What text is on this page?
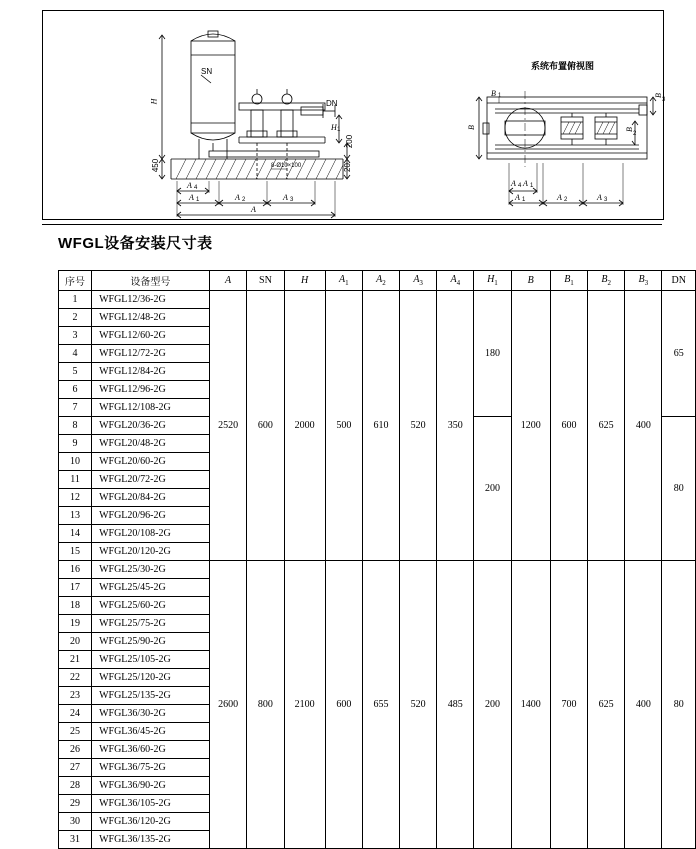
系统布置俯视图
H
SN
DN
H 1
200
450	20
A 4
A 1	A 2	A 3
A
8-Ø10×100
B
B 1	B
3
B
2
A 4 A 1
A 1	A 2	A 3
WFGL设备安装尺寸表
序号	设备型号	A	SN	H	$A_1$	$A_2$	$A_3$	$A_4$	$H_1$	B	$B_1$	$B_2$	$B_3$	DN
1	WFGL12/36-2G	2520	600	2000	500	610	520	350	180	1200	600	625	400	65
2	WFGL12/48-2G													
3	WFGL12/60-2G													
4	WFGL12/72-2G													
5	WFGL12/84-2G													
6	WFGL12/96-2G													
7	WFGL12/108-2G													
8	WFGL20/36-2G								200					80
9	WFGL20/48-2G													
10	WFGL20/60-2G													
11	WFGL20/72-2G													
12	WFGL20/84-2G													
13	WFGL20/96-2G													
14	WFGL20/108-2G													
15	WFGL20/120-2G													
16	WFGL25/30-2G	2600	800	2100	600	655	520	485	200	1400	700	625	400	80
17	WFGL25/45-2G													
18	WFGL25/60-2G													
19	WFGL25/75-2G													
20	WFGL25/90-2G													
21	WFGL25/105-2G													
22	WFGL25/120-2G													
23	WFGL25/135-2G													
24	WFGL36/30-2G													
25	WFGL36/45-2G													
26	WFGL36/60-2G													
27	WFGL36/75-2G													
28	WFGL36/90-2G													
29	WFGL36/105-2G													
30	WFGL36/120-2G													
31	WFGL36/135-2G													
